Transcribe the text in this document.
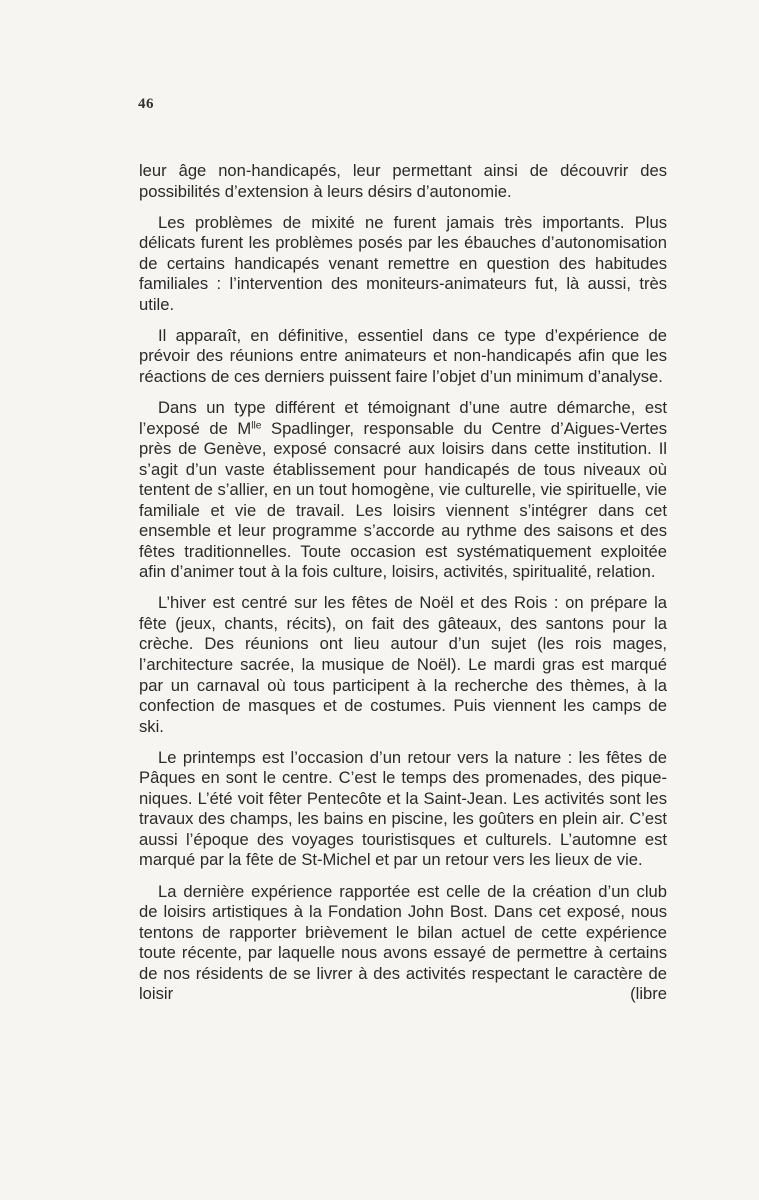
46

leur âge non-handicapés, leur permettant ainsi de découvrir des possibilités d’extension à leurs désirs d’autonomie.

Les problèmes de mixité ne furent jamais très importants. Plus délicats furent les problèmes posés par les ébauches d’autonomisation de certains handicapés venant remettre en question des habitudes familiales : l’intervention des moniteurs-animateurs fut, là aussi, très utile.

Il apparaît, en définitive, essentiel dans ce type d’expérience de prévoir des réunions entre animateurs et non-handicapés afin que les réactions de ces derniers puissent faire l’objet d’un minimum d’analyse.

Dans un type différent et témoignant d’une autre démarche, est l’exposé de $M^{lle}$ Spadlinger, responsable du Centre d’Aigues-Vertes près de Genève, exposé consacré aux loisirs dans cette institution. Il s’agit d’un vaste établissement pour handicapés de tous niveaux où tentent de s’allier, en un tout homogène, vie culturelle, vie spirituelle, vie familiale et vie de travail. Les loisirs viennent s’intégrer dans cet ensemble et leur programme s’accorde au rythme des saisons et des fêtes traditionnelles. Toute occasion est systématiquement exploitée afin d’animer tout à la fois culture, loisirs, activités, spiritualité, relation.

L’hiver est centré sur les fêtes de Noël et des Rois : on prépare la fête (jeux, chants, récits), on fait des gâteaux, des santons pour la crèche. Des réunions ont lieu autour d’un sujet (les rois mages, l’architecture sacrée, la musique de Noël). Le mardi gras est marqué par un carnaval où tous participent à la recherche des thèmes, à la confection de masques et de costumes. Puis viennent les camps de ski.

Le printemps est l’occasion d’un retour vers la nature : les fêtes de Pâques en sont le centre. C’est le temps des promenades, des pique-niques. L’été voit fêter Pentecôte et la Saint-Jean. Les activités sont les travaux des champs, les bains en piscine, les goûters en plein air. C’est aussi l’époque des voyages touristisques et culturels. L’automne est marqué par la fête de St-Michel et par un retour vers les lieux de vie.

La dernière expérience rapportée est celle de la création d’un club de loisirs artistiques à la Fondation John Bost. Dans cet exposé, nous tentons de rapporter brièvement le bilan actuel de cette expérience toute récente, par laquelle nous avons essayé de permettre à certains de nos résidents de se livrer à des activités respectant le caractère de loisir (libre
